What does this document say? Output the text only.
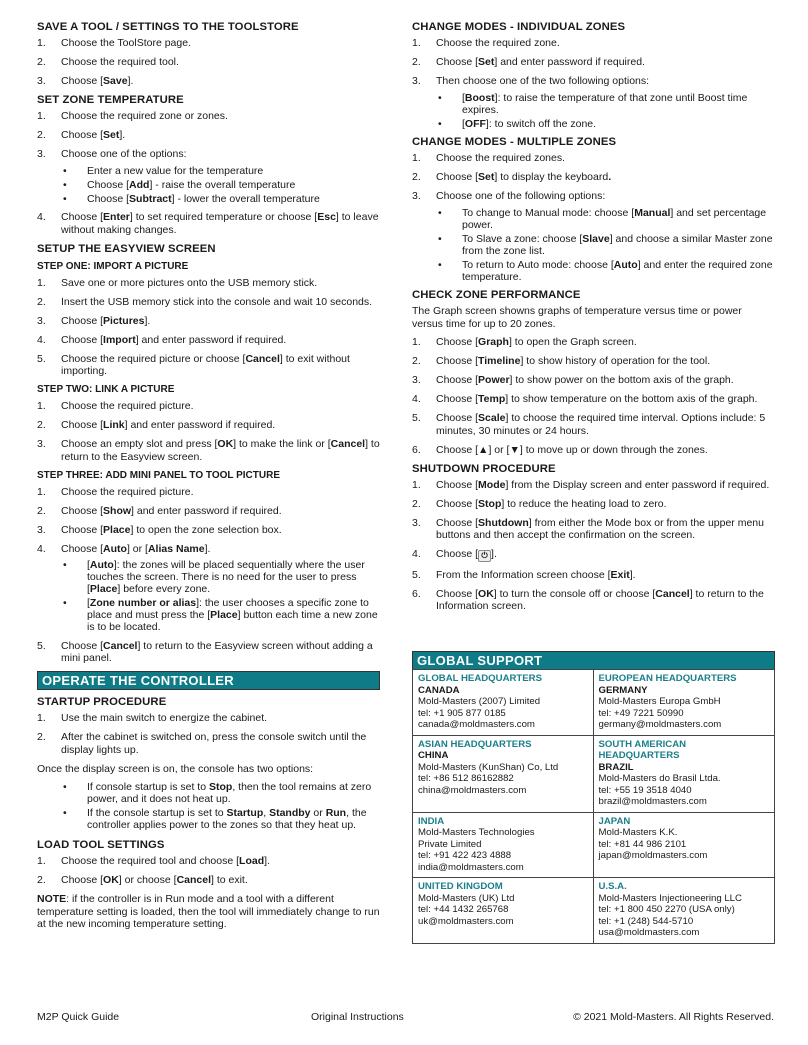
SAVE A TOOL / SETTINGS TO THE TOOLSTORE
1. Choose the ToolStore page.
2. Choose the required tool.
3. Choose [Save].
SET ZONE TEMPERATURE
1. Choose the required zone or zones.
2. Choose [Set].
3. Choose one of the options:
• Enter a new value for the temperature
• Choose [Add] - raise the overall temperature
• Choose [Subtract] - lower the overall temperature
4. Choose [Enter] to set required temperature or choose [Esc] to leave without making changes.
SETUP THE EASYVIEW SCREEN
STEP ONE: IMPORT A PICTURE
1. Save one or more pictures onto the USB memory stick.
2. Insert the USB memory stick into the console and wait 10 seconds.
3. Choose [Pictures].
4. Choose [Import] and enter password if required.
5. Choose the required picture or choose [Cancel] to exit without importing.
STEP TWO: LINK A PICTURE
1. Choose the required picture.
2. Choose [Link] and enter password if required.
3. Choose an empty slot and press [OK] to make the link or [Cancel] to return to the Easyview screen.
STEP THREE: ADD MINI PANEL TO TOOL PICTURE
1. Choose the required picture.
2. Choose [Show] and enter password if required.
3. Choose [Place] to open the zone selection box.
4. Choose [Auto] or [Alias Name].
• [Auto]: the zones will be placed sequentially where the user touches the screen. There is no need for the user to press [Place] before every zone.
• [Zone number or alias]: the user chooses a specific zone to place and must press the [Place] button each time a new zone is to be located.
5. Choose [Cancel] to return to the Easyview screen without adding a mini panel.
OPERATE THE CONTROLLER
STARTUP PROCEDURE
1. Use the main switch to energize the cabinet.
2. After the cabinet is switched on, press the console switch until the display lights up.
Once the display screen is on, the console has two options:
• If console startup is set to Stop, then the tool remains at zero power, and it does not heat up.
• If the console startup is set to Startup, Standby or Run, the controller applies power to the zones so that they heat up.
LOAD TOOL SETTINGS
1. Choose the required tool and choose [Load].
2. Choose [OK] or choose [Cancel] to exit.
NOTE: if the controller is in Run mode and a tool with a different temperature setting is loaded, then the tool will immediately change to run at the new incoming temperature setting.
CHANGE MODES - INDIVIDUAL ZONES
1. Choose the required zone.
2. Choose [Set] and enter password if required.
3. Then choose one of the two following options:
• [Boost]: to raise the temperature of that zone until Boost time expires.
• [OFF]: to switch off the zone.
CHANGE MODES - MULTIPLE ZONES
1. Choose the required zones.
2. Choose [Set] to display the keyboard.
3. Choose one of the following options:
• To change to Manual mode: choose [Manual] and set percentage power.
• To Slave a zone: choose [Slave] and choose a similar Master zone from the zone list.
• To return to Auto mode: choose [Auto] and enter the required zone temperature.
CHECK ZONE PERFORMANCE
The Graph screen showns graphs of temperature versus time or power versus time for up to 20 zones.
1. Choose [Graph] to open the Graph screen.
2. Choose [Timeline] to show history of operation for the tool.
3. Choose [Power] to show power on the bottom axis of the graph.
4. Choose [Temp] to show temperature on the bottom axis of the graph.
5. Choose [Scale] to choose the required time interval. Options include: 5 minutes, 30 minutes or 24 hours.
6. Choose [▲] or [▼] to move up or down through the zones.
SHUTDOWN PROCEDURE
1. Choose [Mode] from the Display screen and enter password if required.
2. Choose [Stop] to reduce the heating load to zero.
3. Choose [Shutdown] from either the Mode box or from the upper menu buttons and then accept the confirmation on the screen.
4. Choose [ ⏻ ].
5. From the Information screen choose [Exit].
6. Choose [OK] to turn the console off or choose [Cancel] to return to the Information screen.
GLOBAL SUPPORT
GLOBAL HEADQUARTERS
CANADA
Mold-Masters (2007) Limited
tel: +1 905 877 0185
canada@moldmasters.com
EUROPEAN HEADQUARTERS
GERMANY
Mold-Masters Europa GmbH
tel: +49 7221 50990
germany@moldmasters.com
ASIAN HEADQUARTERS
CHINA
Mold-Masters (KunShan) Co, Ltd
tel: +86 512 86162882
china@moldmasters.com
SOUTH AMERICAN HEADQUARTERS
BRAZIL
Mold-Masters do Brasil Ltda.
tel: +55 19 3518 4040
brazil@moldmasters.com
INDIA
Mold-Masters Technologies
Private Limited
tel: +91 422 423 4888
india@moldmasters.com
JAPAN
Mold-Masters K.K.
tel: +81 44 986 2101
japan@moldmasters.com
UNITED KINGDOM
Mold-Masters (UK) Ltd
tel: +44 1432 265768
uk@moldmasters.com
U.S.A.
Mold-Masters Injectioneering LLC
tel: +1 800 450 2270 (USA only)
tel: +1 (248) 544-5710
usa@moldmasters.com
M2P Quick Guide	Original Instructions	© 2021 Mold-Masters. All Rights Reserved.
